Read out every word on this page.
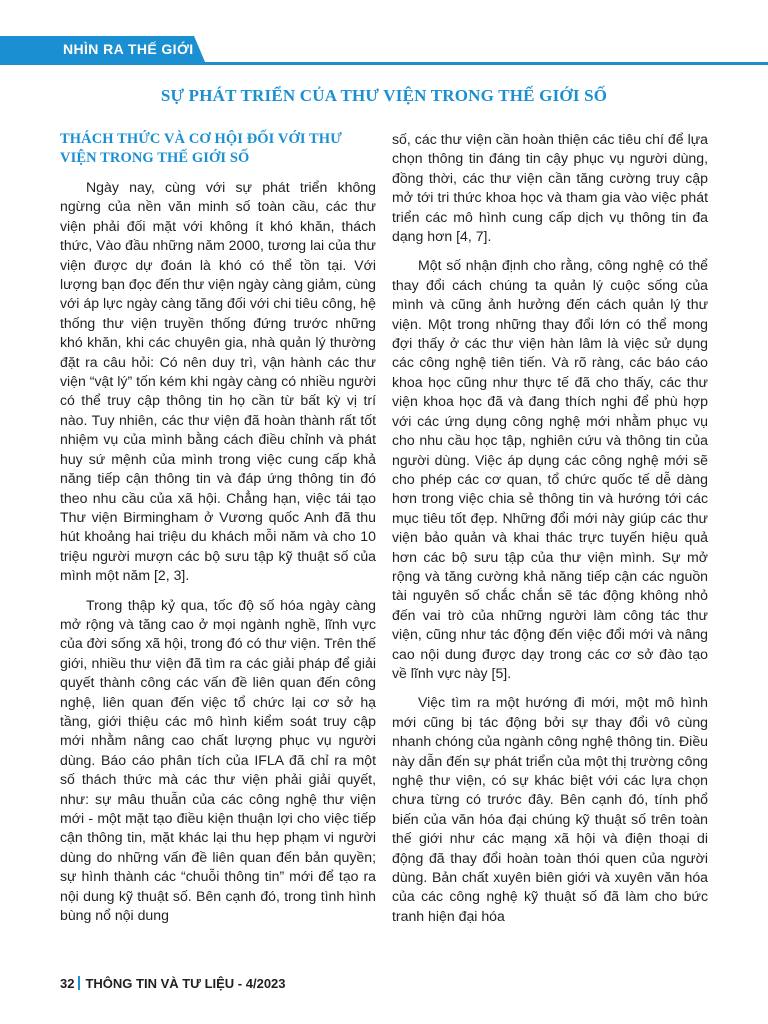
NHÌN RA THẾ GIỚI
SỰ PHÁT TRIỂN CỦA THƯ VIỆN TRONG THẾ GIỚI SỐ
THÁCH THỨC VÀ CƠ HỘI ĐỐI VỚI THƯ VIỆN TRONG THẾ GIỚI SỐ

Ngày nay, cùng với sự phát triển không ngừng của nền văn minh số toàn cầu, các thư viện phải đối mặt với không ít khó khăn, thách thức, Vào đầu những năm 2000, tương lai của thư viện được dự đoán là khó có thể tồn tại. Với lượng bạn đọc đến thư viện ngày càng giảm, cùng với áp lực ngày càng tăng đối với chi tiêu công, hệ thống thư viện truyền thống đứng trước những khó khăn, khi các chuyên gia, nhà quản lý thường đặt ra câu hỏi: Có nên duy trì, vận hành các thư viện “vật lý” tốn kém khi ngày càng có nhiều người có thể truy cập thông tin họ cần từ bất kỳ vị trí nào. Tuy nhiên, các thư viện đã hoàn thành rất tốt nhiệm vụ của mình bằng cách điều chỉnh và phát huy sứ mệnh của mình trong việc cung cấp khả năng tiếp cận thông tin và đáp ứng thông tin đó theo nhu cầu của xã hội. Chẳng hạn, việc tái tạo Thư viện Birmingham ở Vương quốc Anh đã thu hút khoảng hai triệu du khách mỗi năm và cho 10 triệu người mượn các bộ sưu tập kỹ thuật số của mình một năm [2, 3].

Trong thập kỷ qua, tốc độ số hóa ngày càng mở rộng và tăng cao ở mọi ngành nghề, lĩnh vực của đời sống xã hội, trong đó có thư viện. Trên thế giới, nhiều thư viện đã tìm ra các giải pháp để giải quyết thành công các vấn đề liên quan đến công nghệ, liên quan đến việc tổ chức lại cơ sở hạ tầng, giới thiệu các mô hình kiểm soát truy cập mới nhằm nâng cao chất lượng phục vụ người dùng. Báo cáo phân tích của IFLA đã chỉ ra một số thách thức mà các thư viện phải giải quyết, như: sự mâu thuẫn của các công nghệ thư viện mới - một mặt tạo điều kiện thuận lợi cho việc tiếp cận thông tin, mặt khác lại thu hẹp phạm vi người dùng do những vấn đề liên quan đến bản quyền; sự hình thành các “chuỗi thông tin” mới để tạo ra nội dung kỹ thuật số. Bên cạnh đó, trong tình hình bùng nổ nội dung

số, các thư viện cần hoàn thiện các tiêu chí để lựa chọn thông tin đáng tin cậy phục vụ người dùng, đồng thời, các thư viện cần tăng cường truy cập mở tới tri thức khoa học và tham gia vào việc phát triển các mô hình cung cấp dịch vụ thông tin đa dạng hơn [4, 7].

Một số nhận định cho rằng, công nghệ có thể thay đổi cách chúng ta quản lý cuộc sống của mình và cũng ảnh hưởng đến cách quản lý thư viện. Một trong những thay đổi lớn có thể mong đợi thấy ở các thư viện hàn lâm là việc sử dụng các công nghệ tiên tiến. Và rõ ràng, các báo cáo khoa học cũng như thực tế đã cho thấy, các thư viện khoa học đã và đang thích nghi để phù hợp với các ứng dụng công nghệ mới nhằm phục vụ cho nhu cầu học tập, nghiên cứu và thông tin của người dùng. Việc áp dụng các công nghệ mới sẽ cho phép các cơ quan, tổ chức quốc tế dễ dàng hơn trong việc chia sẻ thông tin và hướng tới các mục tiêu tốt đẹp. Những đổi mới này giúp các thư viện bảo quản và khai thác trực tuyến hiệu quả hơn các bộ sưu tập của thư viện mình. Sự mở rộng và tăng cường khả năng tiếp cận các nguồn tài nguyên số chắc chắn sẽ tác động không nhỏ đến vai trò của những người làm công tác thư viện, cũng như tác động đến việc đổi mới và nâng cao nội dung được dạy trong các cơ sở đào tạo về lĩnh vực này [5].

Việc tìm ra một hướng đi mới, một mô hình mới cũng bị tác động bởi sự thay đổi vô cùng nhanh chóng của ngành công nghệ thông tin. Điều này dẫn đến sự phát triển của một thị trường công nghệ thư viện, có sự khác biệt với các lựa chọn chưa từng có trước đây. Bên cạnh đó, tính phổ biến của văn hóa đại chúng kỹ thuật số trên toàn thế giới như các mạng xã hội và điện thoại di động đã thay đổi hoàn toàn thói quen của người dùng. Bản chất xuyên biên giới và xuyên văn hóa của các công nghệ kỹ thuật số đã làm cho bức tranh hiện đại hóa

32 THÔNG TIN VÀ TƯ LIỆU - 4/2023
